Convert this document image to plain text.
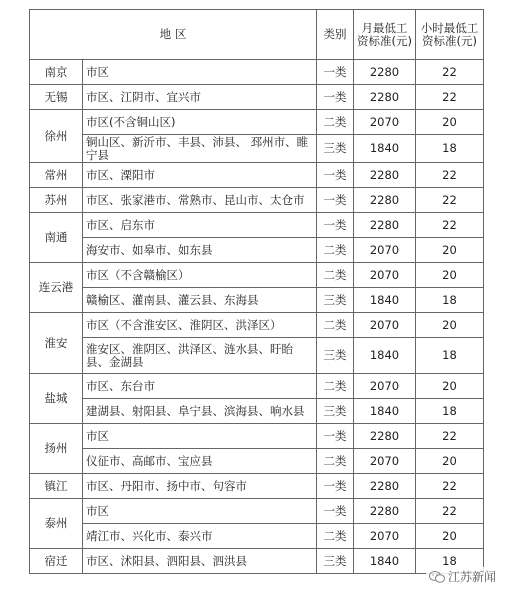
地 区		类别	月最低工资标准(元)	小时最低工资标准(元)
南京	市区	一类	2280	22
无锡	市区、江阴市、宜兴市	一类	2280	22
徐州	市区(不含铜山区)	二类	2070	20
	铜山区、新沂市、丰县、沛县、 邳州市、睢宁县	三类	1840	18
常州	市区、溧阳市	一类	2280	22
苏州	市区、张家港市、常熟市、昆山市、太仓市	一类	2280	22
南通	市区、启东市	一类	2280	22
	海安市、如皋市、如东县	二类	2070	20
连云港	市区（不含赣榆区）	二类	2070	20
	赣榆区、灌南县、灌云县、东海县	三类	1840	18
淮安	市区（不含淮安区、淮阴区、洪泽区）	二类	2070	20
	淮安区、淮阴区、洪泽区、涟水县、盱眙县、金湖县	三类	1840	18
盐城	市区、东台市	二类	2070	20
	建湖县、射阳县、阜宁县、滨海县、响水县	三类	1840	18
扬州	市区	一类	2280	22
	仪征市、高邮市、宝应县	二类	2070	20
镇江	市区、丹阳市、扬中市、句容市	一类	2280	22
泰州	市区	一类	2280	22
	靖江市、兴化市、泰兴市	二类	2070	20
宿迁	市区、沭阳县、泗阳县、泗洪县	三类	1840	18
江苏新闻
